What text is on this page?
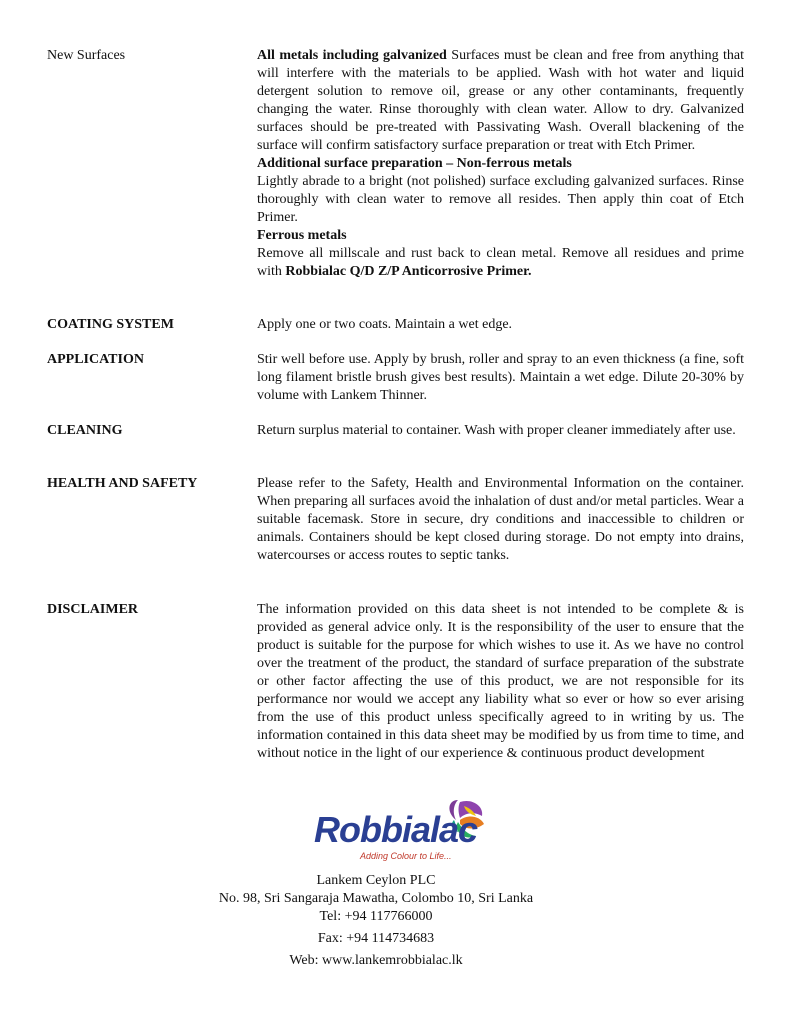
New Surfaces	All metals including galvanized Surfaces must be clean and free from anything that will interfere with the materials to be applied. Wash with hot water and liquid detergent solution to remove oil, grease or any other contaminants, frequently changing the water. Rinse thoroughly with clean water. Allow to dry. Galvanized surfaces should be pre-treated with Passivating Wash. Overall blackening of the surface will confirm satisfactory surface preparation or treat with Etch Primer.

Additional surface preparation – Non-ferrous metals

Lightly abrade to a bright (not polished) surface excluding galvanized surfaces. Rinse thoroughly with clean water to remove all resides. Then apply thin coat of Etch Primer.

Ferrous metals

Remove all millscale and rust back to clean metal. Remove all residues and prime with Robbialac Q/D Z/P Anticorrosive Primer.

COATING SYSTEM	Apply one or two coats. Maintain a wet edge.
APPLICATION	Stir well before use. Apply by brush, roller and spray to an even thickness (a fine, soft long filament bristle brush gives best results). Maintain a wet edge. Dilute 20-30% by volume with Lankem Thinner.
CLEANING	Return surplus material to container. Wash with proper cleaner immediately after use.
HEALTH AND SAFETY	Please refer to the Safety, Health and Environmental Information on the container. When preparing all surfaces avoid the inhalation of dust and/or metal particles. Wear a suitable facemask. Store in secure, dry conditions and inaccessible to children or animals. Containers should be kept closed during storage. Do not empty into drains, watercourses or access routes to septic tanks.
DISCLAIMER	The information provided on this data sheet is not intended to be complete & is provided as general advice only. It is the responsibility of the user to ensure that the product is suitable for the purpose for which wishes to use it. As we have no control over the treatment of the product, the standard of surface preparation of the substrate or other factor affecting the use of this product, we are not responsible for its performance nor would we accept any liability what so ever or how so ever arising from the use of this product unless specifically agreed to in writing by us. The information contained in this data sheet may be modified by us from time to time, and without notice in the light of our experience & continuous product development
Robbialac
Adding Colour to Life...
Lankem Ceylon PLC
No. 98, Sri Sangaraja Mawatha, Colombo 10, Sri Lanka
Tel: +94 117766000
Fax: +94 114734683
Web: www.lankemrobbialac.lk
